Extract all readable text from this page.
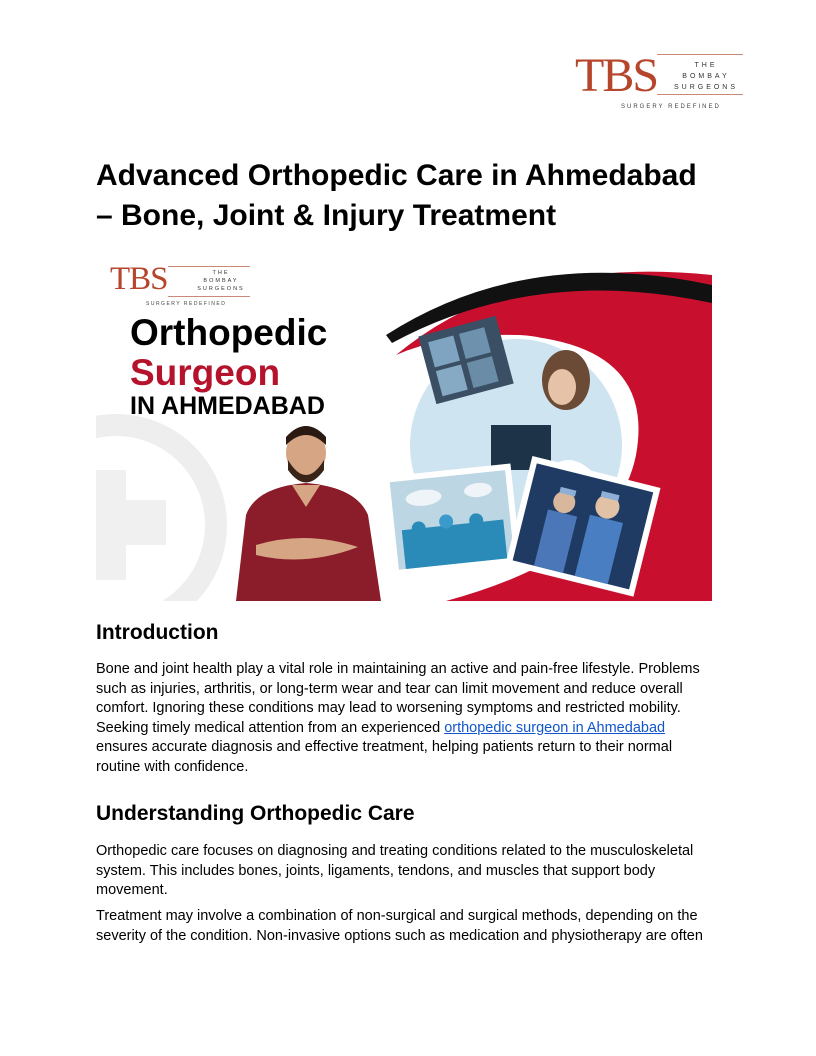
TBS	THE
BOMBAY
SURGEONS
SURGERY REDEFINED
Advanced Orthopedic Care in Ahmedabad
– Bone, Joint & Injury Treatment
TBS	THE
BOMBAY
SURGEONS
SURGERY REDEFINED
Orthopedic
Surgeon
IN AHMEDABAD
Introduction

Bone and joint health play a vital role in maintaining an active and pain-free lifestyle. Problems such as injuries, arthritis, or long-term wear and tear can limit movement and reduce overall comfort. Ignoring these conditions may lead to worsening symptoms and restricted mobility. Seeking timely medical attention from an experienced orthopedic surgeon in Ahmedabad ensures accurate diagnosis and effective treatment, helping patients return to their normal routine with confidence.

Understanding Orthopedic Care

Orthopedic care focuses on diagnosing and treating conditions related to the musculoskeletal system. This includes bones, joints, ligaments, tendons, and muscles that support body movement.

Treatment may involve a combination of non-surgical and surgical methods, depending on the severity of the condition. Non-invasive options such as medication and physiotherapy are often
